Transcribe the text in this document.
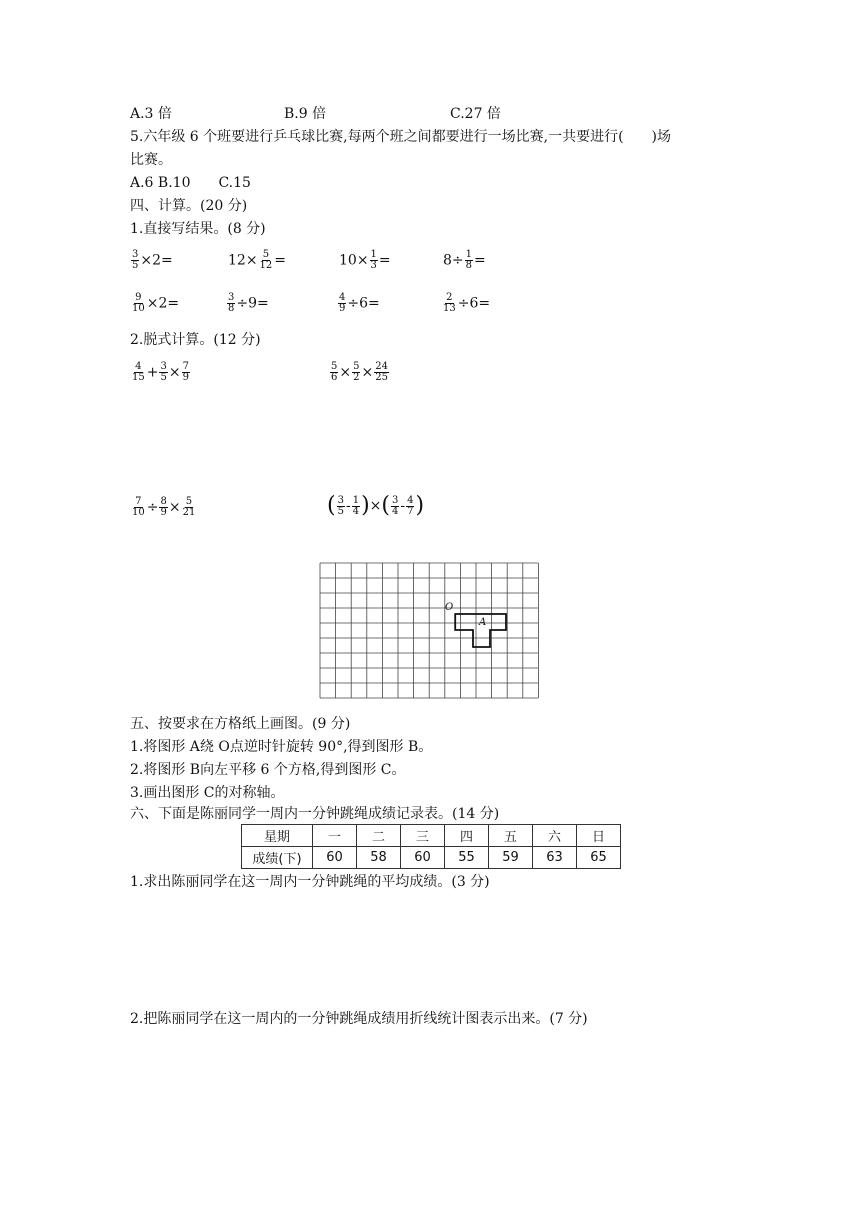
A.3 倍	B.9 倍	C.27 倍
5.六年级 6 个班要进行乒乓球比赛,每两个班之间都要进行一场比赛,一共要进行(　　)场
比赛。
A.6 B.10　　C.15
四、计算。(20 分)
1.直接写结果。(8 分)
$\frac{3}{5} \times 2=$	$12\times \frac{5}{12}$ =	$10\times \frac{1}{3}$ =	$8\div \frac{1}{8}$ =
$\frac{9}{10} \times 2=$	$\frac{3}{8} \div 9=$	$\frac{4}{9} \div 6=$	$\frac{2}{13} \div 6=$
2.脱式计算。(12 分)
$\frac{4}{15} + \frac{3}{5} \times \frac{7}{9}$	$\frac{5}{6} \times \frac{5}{2} \times \frac{24}{25}$
$\frac{7}{10} \div \frac{8}{9} \times \frac{5}{21}$	( $\frac{3}{5} - \frac{1}{4}$ )×( $\frac{3}{4} - \frac{4}{7}$ )
O
A
五、按要求在方格纸上画图。(9 分)
1.将图形 A绕 O点逆时针旋转 90°,得到图形 B。
2.将图形 B向左平移 6 个方格,得到图形 C。
3.画出图形 C的对称轴。
六、下面是陈丽同学一周内一分钟跳绳成绩记录表。(14 分)
星期	一	二	三	四	五	六	日
成绩(下)	60	58	60	55	59	63	65
1.求出陈丽同学在这一周内一分钟跳绳的平均成绩。(3 分)
2.把陈丽同学在这一周内的一分钟跳绳成绩用折线统计图表示出来。(7 分)
